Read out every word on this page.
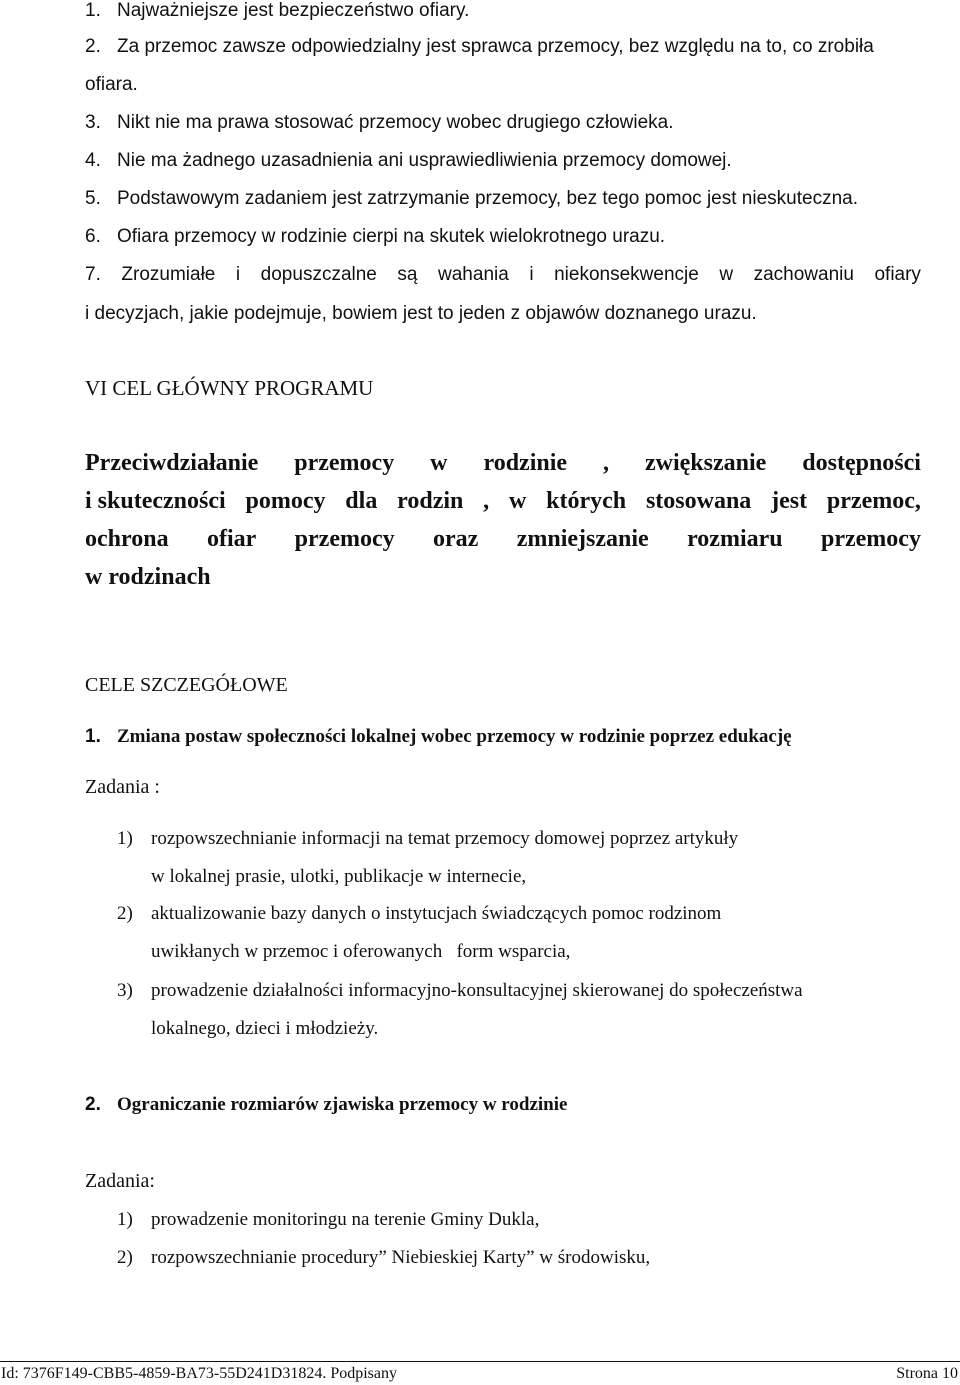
1. Najważniejsze jest bezpieczeństwo ofiary.
2. Za przemoc zawsze odpowiedzialny jest sprawca przemocy, bez względu na to, co zrobiła
ofiara.
3. Nikt nie ma prawa stosować przemocy wobec drugiego człowieka.
4. Nie ma żadnego uzasadnienia ani usprawiedliwienia przemocy domowej.
5. Podstawowym zadaniem jest zatrzymanie przemocy, bez tego pomoc jest nieskuteczna.
6. Ofiara przemocy w rodzinie cierpi na skutek wielokrotnego urazu.
7. Zrozumiałe i dopuszczalne są wahania i niekonsekwencje w zachowaniu ofiary
i decyzjach, jakie podejmuje, bowiem jest to jeden z objawów doznanego urazu.
VI CEL GŁÓWNY PROGRAMU
Przeciwdziałanie przemocy w rodzinie , zwiększanie dostępności
i skuteczności pomocy dla rodzin , w których stosowana jest przemoc,
ochrona ofiar przemocy oraz zmniejszanie rozmiaru przemocy
w rodzinach
CELE SZCZEGÓŁOWE
1. Zmiana postaw społeczności lokalnej wobec przemocy w rodzinie poprzez edukację
Zadania :
1) rozpowszechnianie informacji na temat przemocy domowej poprzez artykuły
w lokalnej prasie, ulotki, publikacje w internecie,
2) aktualizowanie bazy danych o instytucjach świadczących pomoc rodzinom
uwikłanych w przemoc i oferowanych   form wsparcia,
3) prowadzenie działalności informacyjno-konsultacyjnej skierowanej do społeczeństwa
lokalnego, dzieci i młodzieży.
2. Ograniczanie rozmiarów zjawiska przemocy w rodzinie
Zadania:
1) prowadzenie monitoringu na terenie Gminy Dukla,
2) rozpowszechnianie procedury” Niebieskiej Karty” w środowisku,
Id: 7376F149-CBB5-4859-BA73-55D241D31824. Podpisany	Strona 10
